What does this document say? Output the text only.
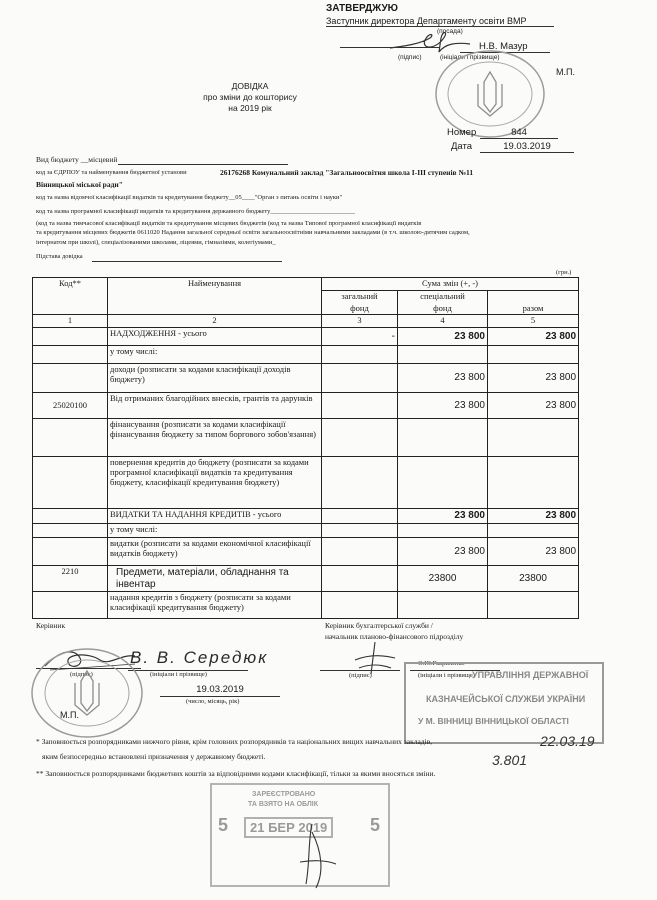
ЗАТВЕРДЖУЮ
Заступник директора Департаменту освіти ВМР
(посада)
Н.В. Мазур
(підпис)	(ініціали і прізвище)
М.П.
Номер	844
Дата	19.03.2019
ДОВІДКА
про зміни до кошторису
на 2019 рік
Вид бюджету __місцевий
код за ЄДРПОУ та найменування бюджетної установи	26176268 Комунальний заклад "Загальноосвітня школа І-ІІІ ступенів №11
Вінницької міської ради"
код та назва відомчої класифікації видатків та кредитування бюджету__05____"Орган з питань освіти і науки"
код та назва програмної класифікації видатків та кредитування державного бюджету__________________________
(код та назва тимчасової класифікації видатків та кредитування місцевих бюджетів (код та назва Типової програмної класифікації видатків
та кредитування місцевих бюджетів 0611020 Надання загальної середньої освіти загальноосвітніми навчальними закладами (в т.ч. школою-дитячим садком,
інтернатом при школі), спеціалізованими школами, ліцеями, гімназіями, колегіумами_
Підстава довідка
(грн.)
Код**	Найменування	Сума змін (+, -)		
		загальний	спеціальний	разом
		фонд	фонд	
1	2	3	4	5
	НАДХОДЖЕННЯ - усього	-	23 800	23 800
	у тому числі:			
	доходи (розписати за кодами класифікації доходів бюджету)		23 800	23 800
25020100	Від отриманих благодійних внесків, грантів та дарунків		23 800	23 800
	фінансування (розписати за кодами класифікації фінансування бюджету за типом боргового зобов'язання)			
	повернення кредитів до бюджету (розписати за кодами програмної класифікації видатків та кредитування бюджету, класифікації кредитування бюджету)			
	ВИДАТКИ ТА НАДАННЯ КРЕДИТІВ - усього		23 800	23 800
	у тому числі:			
	видатки (розписати за кодами економічної класифікації видатків бюджету)		23 800	23 800
2210	Предмети, матеріали, обладнання та інвентар		23800	23800
	надання кредитів з бюджету (розписати за кодами класифікації кредитування бюджету)			
Керівник
В. В. Середюк
(підпис)	(ініціали і прізвище)
19.03.2019
(число, місяць, рік)
М.П.
Керівник бухгалтерської служби /
начальник планово-фінансового підрозділу
(підпис)
О.Ю.Гавриленко
(ініціали і прізвище)
УПРАВЛІННЯ ДЕРЖАВНОЇ
КАЗНАЧЕЙСЬКОЇ СЛУЖБИ УКРАЇНИ
У М. ВІННИЦІ ВІННИЦЬКОЇ ОБЛАСТІ
22.03.19
3.801
* Заповнюється розпорядниками нижчого рівня, крім головних розпорядників та національних вищих навчальних закладів,
яким безпосередньо встановлені призначення у державному бюджеті.
** Заповнюється розпорядниками бюджетних коштів за відповідними кодами класифікації, тільки за якими вносяться зміни.
ЗАРЕЄСТРОВАНО
ТА ВЗЯТО НА ОБЛІК
5	21 БЕР 2019	5
